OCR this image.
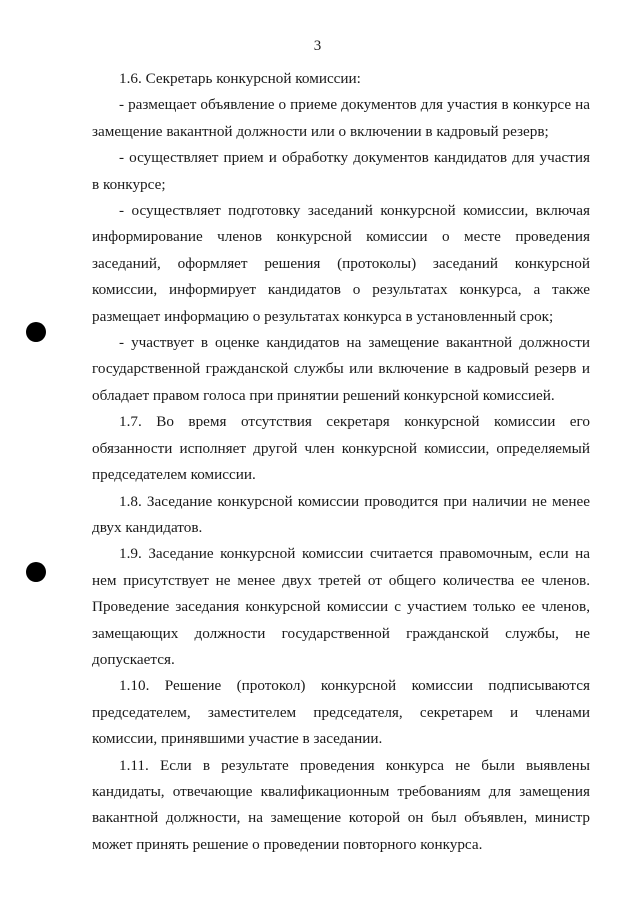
3

1.6. Секретарь конкурсной комиссии:

- размещает объявление о приеме документов для участия в конкурсе на замещение вакантной должности или о включении в кадровый резерв;

- осуществляет прием и обработку документов кандидатов для участия в конкурсе;

- осуществляет подготовку заседаний конкурсной комиссии, включая информирование членов конкурсной комиссии о месте проведения заседаний, оформляет решения (протоколы) заседаний конкурсной комиссии, информирует кандидатов о результатах конкурса, а также размещает информацию о результатах конкурса в установленный срок;

- участвует в оценке кандидатов на замещение вакантной должности государственной гражданской службы или включение в кадровый резерв и обладает правом голоса при принятии решений конкурсной комиссией.

1.7. Во время отсутствия секретаря конкурсной комиссии его обязанности исполняет другой член конкурсной комиссии, определяемый председателем комиссии.

1.8. Заседание конкурсной комиссии проводится при наличии не менее двух кандидатов.

1.9. Заседание конкурсной комиссии считается правомочным, если на нем присутствует не менее двух третей от общего количества ее членов. Проведение заседания конкурсной комиссии с участием только ее членов, замещающих должности государственной гражданской службы, не допускается.

1.10. Решение (протокол) конкурсной комиссии подписываются председателем, заместителем председателя, секретарем и членами комиссии, принявшими участие в заседании.

1.11. Если в результате проведения конкурса не были выявлены кандидаты, отвечающие квалификационным требованиям для замещения вакантной должности, на замещение которой он был объявлен, министр может принять решение о проведении повторного конкурса.
